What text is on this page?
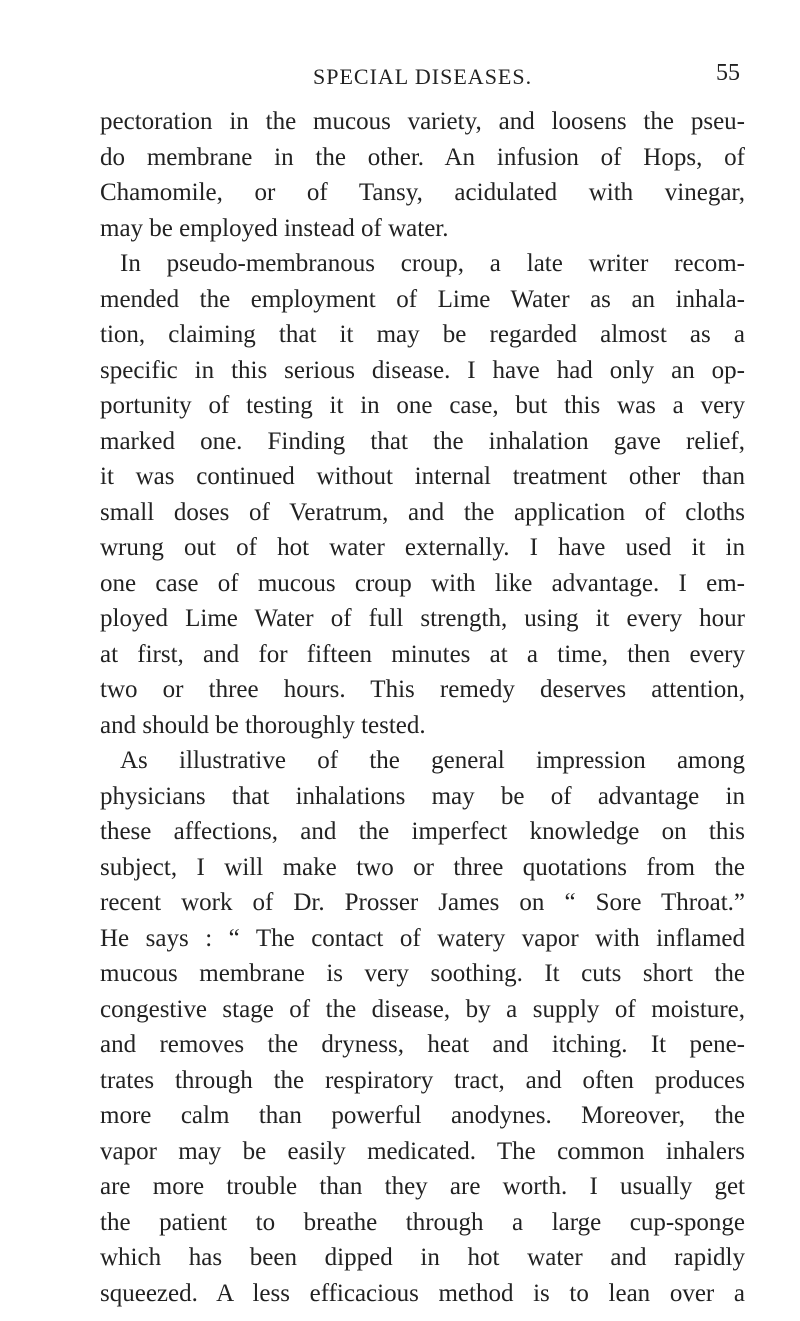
SPECIAL DISEASES.	55
pectoration in the mucous variety, and loosens the pseu-
do membrane in the other. An infusion of Hops, of
Chamomile, or of Tansy, acidulated with vinegar,
may be employed instead of water.
In pseudo-membranous croup, a late writer recom-
mended the employment of Lime Water as an inhala-
tion, claiming that it may be regarded almost as a
specific in this serious disease. I have had only an op-
portunity of testing it in one case, but this was a very
marked one. Finding that the inhalation gave relief,
it was continued without internal treatment other than
small doses of Veratrum, and the application of cloths
wrung out of hot water externally. I have used it in
one case of mucous croup with like advantage. I em-
ployed Lime Water of full strength, using it every hour
at first, and for fifteen minutes at a time, then every
two or three hours. This remedy deserves attention,
and should be thoroughly tested.
As illustrative of the general impression among
physicians that inhalations may be of advantage in
these affections, and the imperfect knowledge on this
subject, I will make two or three quotations from the
recent work of Dr. Prosser James on “ Sore Throat.”
He says : “ The contact of watery vapor with inflamed
mucous membrane is very soothing. It cuts short the
congestive stage of the disease, by a supply of moisture,
and removes the dryness, heat and itching. It pene-
trates through the respiratory tract, and often produces
more calm than powerful anodynes. Moreover, the
vapor may be easily medicated. The common inhalers
are more trouble than they are worth. I usually get
the patient to breathe through a large cup-sponge
which has been dipped in hot water and rapidly
squeezed. A less efficacious method is to lean over a
